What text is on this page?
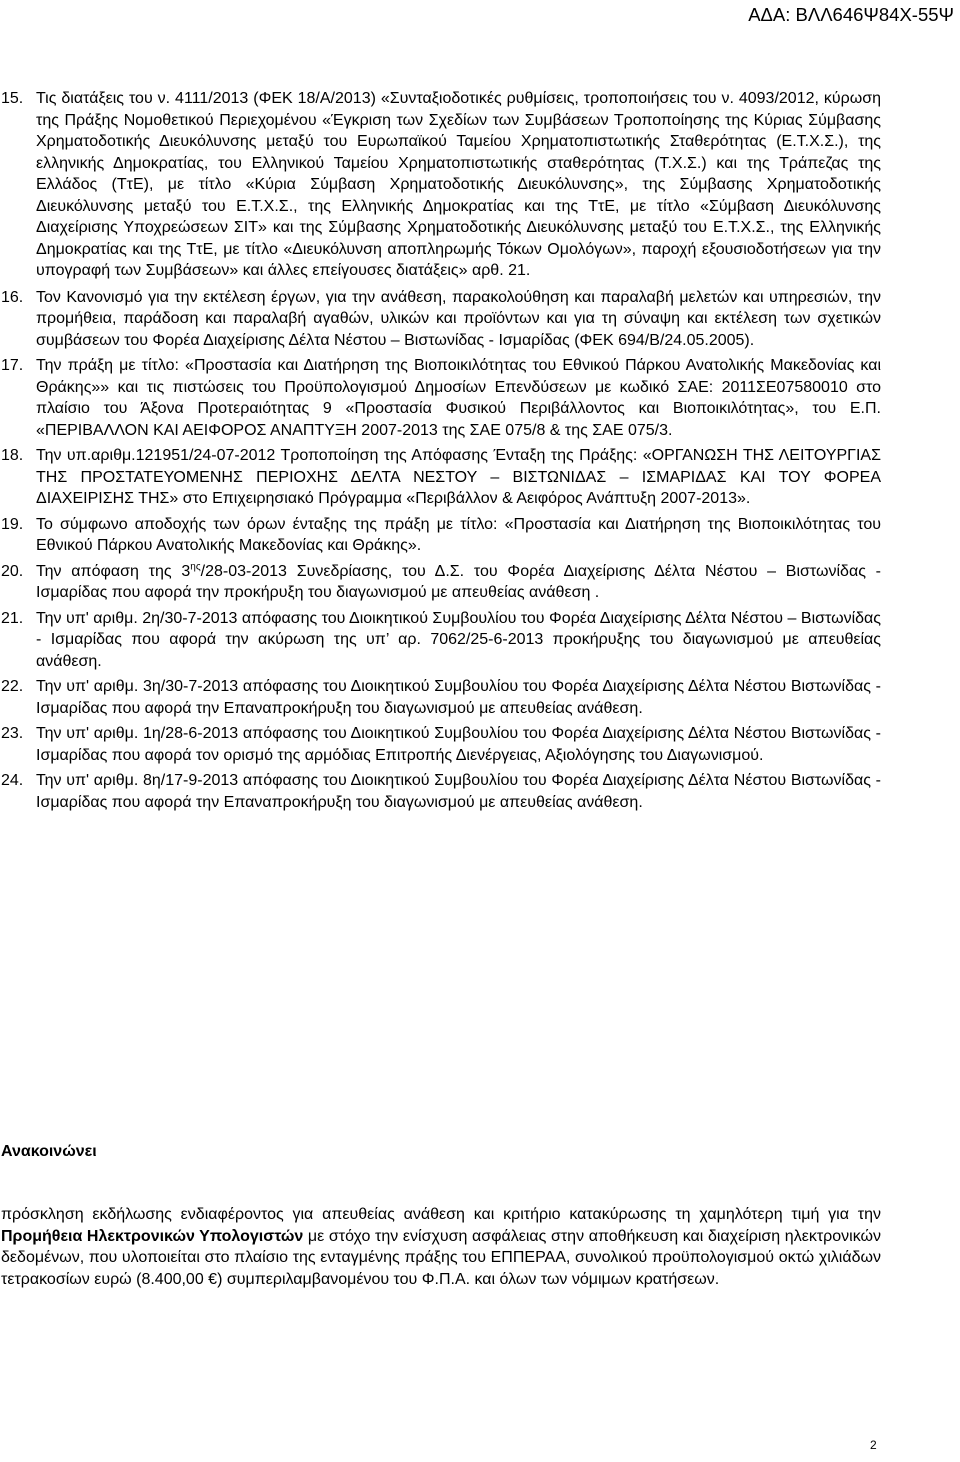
ΑΔΑ: ΒΛΛ646Ψ84Χ-55Ψ
15. Τις διατάξεις του ν. 4111/2013 (ΦΕΚ 18/Α/2013) «Συνταξιοδοτικές ρυθμίσεις, τροποποιήσεις του ν. 4093/2012, κύρωση της Πράξης Νομοθετικού Περιεχομένου «Έγκριση των Σχεδίων των Συμβάσεων Τροποποίησης της Κύριας Σύμβασης Χρηματοδοτικής Διευκόλυνσης μεταξύ του Ευρωπαϊκού Ταμείου Χρηματοπιστωτικής Σταθερότητας (Ε.Τ.Χ.Σ.), της ελληνικής Δημοκρατίας, του Ελληνικού Ταμείου Χρηματοπιστωτικής σταθερότητας (Τ.Χ.Σ.) και της Τράπεζας της Ελλάδος (ΤτΕ), με τίτλο «Κύρια Σύμβαση Χρηματοδοτικής Διευκόλυνσης», της Σύμβασης Χρηματοδοτικής Διευκόλυνσης μεταξύ του Ε.Τ.Χ.Σ., της Ελληνικής Δημοκρατίας και της ΤτΕ, με τίτλο «Σύμβαση Διευκόλυνσης Διαχείρισης Υποχρεώσεων ΣΙΤ» και της Σύμβασης Χρηματοδοτικής Διευκόλυνσης μεταξύ του Ε.Τ.Χ.Σ., της Ελληνικής Δημοκρατίας και της ΤτΕ, με τίτλο «Διευκόλυνση αποπληρωμής Τόκων Ομολόγων», παροχή εξουσιοδοτήσεων για την υπογραφή των Συμβάσεων» και άλλες επείγουσες διατάξεις» αρθ. 21.
16. Τον Κανονισμό για την εκτέλεση έργων, για την ανάθεση, παρακολούθηση και παραλαβή μελετών και υπηρεσιών, την προμήθεια, παράδοση και παραλαβή αγαθών, υλικών και προϊόντων και για τη σύναψη και εκτέλεση των σχετικών συμβάσεων του Φορέα Διαχείρισης Δέλτα Νέστου – Βιστωνίδας - Ισμαρίδας (ΦΕΚ 694/Β/24.05.2005).
17. Την πράξη με τίτλο: «Προστασία και Διατήρηση της Βιοποικιλότητας του Εθνικού Πάρκου Ανατολικής Μακεδονίας και Θράκης»» και τις πιστώσεις του Προϋπολογισμού Δημοσίων Επενδύσεων με κωδικό ΣΑΕ: 2011ΣΕ07580010 στο πλαίσιο του Άξονα Προτεραιότητας 9 «Προστασία Φυσικού Περιβάλλοντος και Βιοποικιλότητας», του Ε.Π. «ΠΕΡΙΒΑΛΛΟΝ ΚΑΙ ΑΕΙΦΟΡΟΣ ΑΝΑΠΤΥΞΗ 2007-2013 της ΣΑΕ 075/8 & της ΣΑΕ 075/3.
18. Την υπ.αριθμ.121951/24-07-2012 Τροποποίηση της Απόφασης Ένταξη της Πράξης: «ΟΡΓΑΝΩΣΗ ΤΗΣ ΛΕΙΤΟΥΡΓΙΑΣ ΤΗΣ ΠΡΟΣΤΑΤΕΥΟΜΕΝΗΣ ΠΕΡΙΟΧΗΣ ΔΕΛΤΑ ΝΕΣΤΟΥ – ΒΙΣΤΩΝΙΔΑΣ – ΙΣΜΑΡΙΔΑΣ ΚΑΙ ΤΟΥ ΦΟΡΕΑ ΔΙΑΧΕΙΡΙΣΗΣ ΤΗΣ» στο Επιχειρησιακό Πρόγραμμα «Περιβάλλον & Αειφόρος Ανάπτυξη 2007-2013».
19. Το σύμφωνο αποδοχής των όρων ένταξης της πράξη με τίτλο: «Προστασία και Διατήρηση της Βιοποικιλότητας του Εθνικού Πάρκου Ανατολικής Μακεδονίας και Θράκης».
20. Την απόφαση της $3^{\eta\varsigma}/28-03-2013$ Συνεδρίασης, του Δ.Σ. του Φορέα Διαχείρισης Δέλτα Νέστου – Βιστωνίδας - Ισμαρίδας που αφορά την προκήρυξη του διαγωνισμού με απευθείας ανάθεση .
21. Την υπ' αριθμ. 2η/30-7-2013 απόφασης του Διοικητικού Συμβουλίου του Φορέα Διαχείρισης Δέλτα Νέστου – Βιστωνίδας - Ισμαρίδας που αφορά την ακύρωση της υπ’ αρ. 7062/25-6-2013 προκήρυξης του διαγωνισμού με απευθείας ανάθεση.
22. Την υπ' αριθμ. 3η/30-7-2013 απόφασης του Διοικητικού Συμβουλίου του Φορέα Διαχείρισης Δέλτα Νέστου Βιστωνίδας - Ισμαρίδας που αφορά την Επαναπροκήρυξη του διαγωνισμού με απευθείας ανάθεση.
23. Την υπ' αριθμ. 1η/28-6-2013 απόφασης του Διοικητικού Συμβουλίου του Φορέα Διαχείρισης Δέλτα Νέστου Βιστωνίδας - Ισμαρίδας που αφορά τον ορισμό της αρμόδιας Επιτροπής Διενέργειας, Αξιολόγησης του Διαγωνισμού.
24. Την υπ' αριθμ. 8η/17-9-2013 απόφασης του Διοικητικού Συμβουλίου του Φορέα Διαχείρισης Δέλτα Νέστου Βιστωνίδας - Ισμαρίδας που αφορά την Επαναπροκήρυξη του διαγωνισμού με απευθείας ανάθεση.
Ανακοινώνει
πρόσκληση εκδήλωσης ενδιαφέροντος για απευθείας ανάθεση και κριτήριο κατακύρωσης τη χαμηλότερη τιμή για την Προμήθεια Ηλεκτρονικών Υπολογιστών με στόχο την ενίσχυση ασφάλειας στην αποθήκευση και διαχείριση ηλεκτρονικών δεδομένων, που υλοποιείται στο πλαίσιο της ενταγμένης πράξης του ΕΠΠΕΡΑΑ, συνολικού προϋπολογισμού οκτώ χιλιάδων τετρακοσίων ευρώ (8.400,00 €) συμπεριλαμβανομένου του Φ.Π.Α. και όλων των νόμιμων κρατήσεων.
2
